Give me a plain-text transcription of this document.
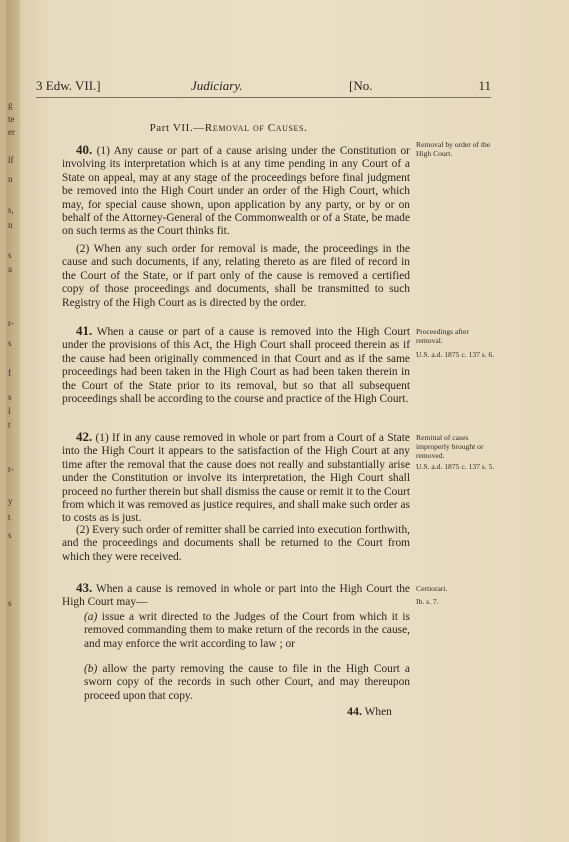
g
te
er
lf
n
s,
n
s
a
r-
s
f
s
l
t
r-
y
t
s
s
3 Edw. VII.]	Judiciary.	[No.	11
Part VII.—Removal of Causes.

40. (1) Any cause or part of a cause arising under the Constitution or involving its interpretation which is at any time pending in any Court of a State on appeal, may at any stage of the proceedings before final judgment be removed into the High Court under an order of the High Court, which may, for special cause shown, upon application by any party, or by or on behalf of the Attorney-General of the Commonwealth or of a State, be made on such terms as the Court thinks fit.

(2) When any such order for removal is made, the proceedings in the cause and such documents, if any, relating thereto as are filed of record in the Court of the State, or if part only of the cause is removed a certified copy of those proceedings and documents, shall be transmitted to such Registry of the High Court as is directed by the order.

Removal by order of the High Court.

41. When a cause or part of a cause is removed into the High Court under the provisions of this Act, the High Court shall proceed therein as if the cause had been originally commenced in that Court and as if the same proceedings had been taken in the High Court as had been taken therein in the Court of the State prior to its removal, but so that all subsequent proceedings shall be according to the course and practice of the High Court.

Proceedings after removal.
U.S. a.d. 1875 c. 137 s. 6.

42. (1) If in any cause removed in whole or part from a Court of a State into the High Court it appears to the satisfaction of the High Court at any time after the removal that the cause does not really and substantially arise under the Constitution or involve its interpretation, the High Court shall proceed no further therein but shall dismiss the cause or remit it to the Court from which it was removed as justice requires, and shall make such order as to costs as is just.

(2) Every such order of remitter shall be carried into execution forthwith, and the proceedings and documents shall be returned to the Court from which they were received.

Remittal of cases improperly brought or removed.
U.S. a.d. 1875 c. 137 s. 5.

43. When a cause is removed in whole or part into the High Court the High Court may—

(a) issue a writ directed to the Judges of the Court from which it is removed commanding them to make return of the records in the cause, and may enforce the writ according to law ; or
(b) allow the party removing the cause to file in the High Court a sworn copy of the records in such other Court, and may thereupon proceed upon that copy.
Certiorari.
Ib. s. 7.
44. When
